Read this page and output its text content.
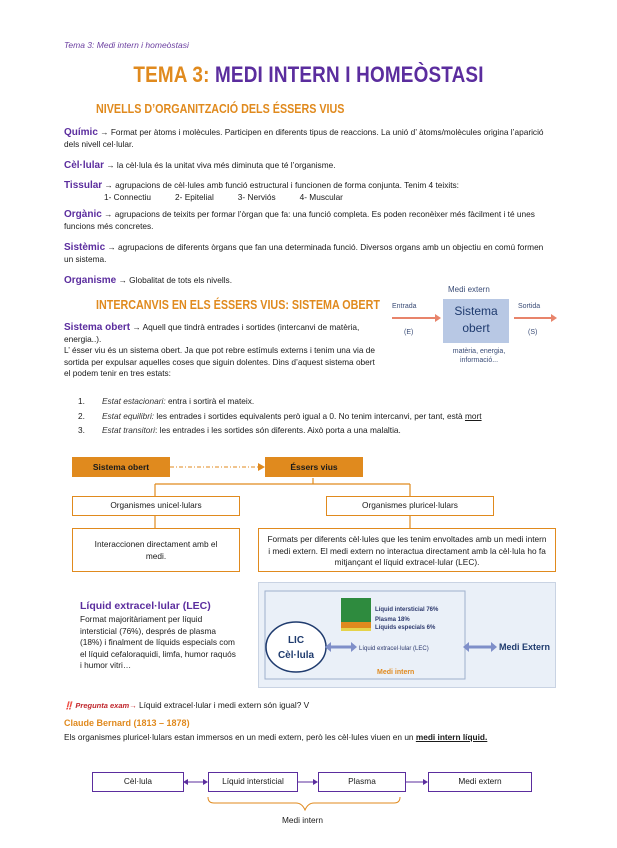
Tema 3: Medi intern i homeòstasi
TEMA 3: MEDI INTERN I HOMEÒSTASI
NIVELLS D’ORGANITZACIÓ DELS ÉSSERS VIUS
Químic → Format per àtoms i molècules. Participen en diferents tipus de reaccions. La unió d’ àtoms/molècules origina l’aparició dels nivell cel·lular.
Cèl·lular → la cèl·lula és la unitat viva més diminuta que té l’organisme.
Tissular → agrupacions de cèl·lules amb funció estructural i funcionen de forma conjunta. Tenim 4 teixits:
1- Connectiu	2- Epitelial	3- Nerviós	4- Muscular
Orgànic → agrupacions de teixits per formar l’òrgan que fa: una funció completa. Es poden reconèixer més fàcilment i té unes funcions més concretes.
Sistèmic → agrupacions de diferents òrgans que fan una determinada funció. Diversos organs amb un objectiu en comú formen un sistema.
Organisme → Globalitat de tots els nivells.
INTERCANVIS EN ELS ÉSSERS VIUS: SISTEMA OBERT
Sistema obert → Aquell que tindrà entrades i sortides (intercanvi de matèria, energia..).
L’ ésser viu és un sistema obert. Ja que pot rebre estímuls externs i tenim una via de sortida per expulsar aquelles coses que siguin dolentes. Dins d’aquest sistema obert el podem tenir en tres estats:
Medi extern
Sistema
obert
Entrada	Sortida
(E)	(S)
matèria, energia,
informació...
1.	Estat estacionari: entra i sortirà el mateix.
2.	Estat equilibri: les entrades i sortides equivalents però igual a 0. No tenim intercanvi, per tant, està mort
3.	Estat transitori: les entrades i les sortides són diferents. Això porta a una malaltia.
Sistema obert	Éssers vius
Organismes unicel·lulars	Organismes pluricel·lulars
Interaccionen directament amb el medi.
Formats per diferents cèl·lules que les tenim envoltades amb un medi intern i medi extern. El medi extern no interactua directament amb la cèl·lula ho fa mitjançant el líquid extracel·lular (LEC).
Líquid extracel·lular (LEC)
Format majoritàriament per líquid intersticial (76%), després de plasma (18%) i finalment de líquids especials com el líquid cefaloraquidi, limfa, humor raquós i humor vitri…
LIC
Cèl·lula
Líquid intersticial 76%
Plasma 18%
Líquids especials 6%
Líquid extracel·lular (LEC)	Medi Extern
Medi intern
‼️ Pregunta exam→ Líquid extracel·lular i medi extern són igual? V
Claude Bernard (1813 – 1878)
Els organismes pluricel·lulars estan immersos en un medi extern, però les cèl·lules viuen en un medi intern líquid.
Cèl·lula	Líquid intersticial	Plasma	Medi extern
Medi intern
